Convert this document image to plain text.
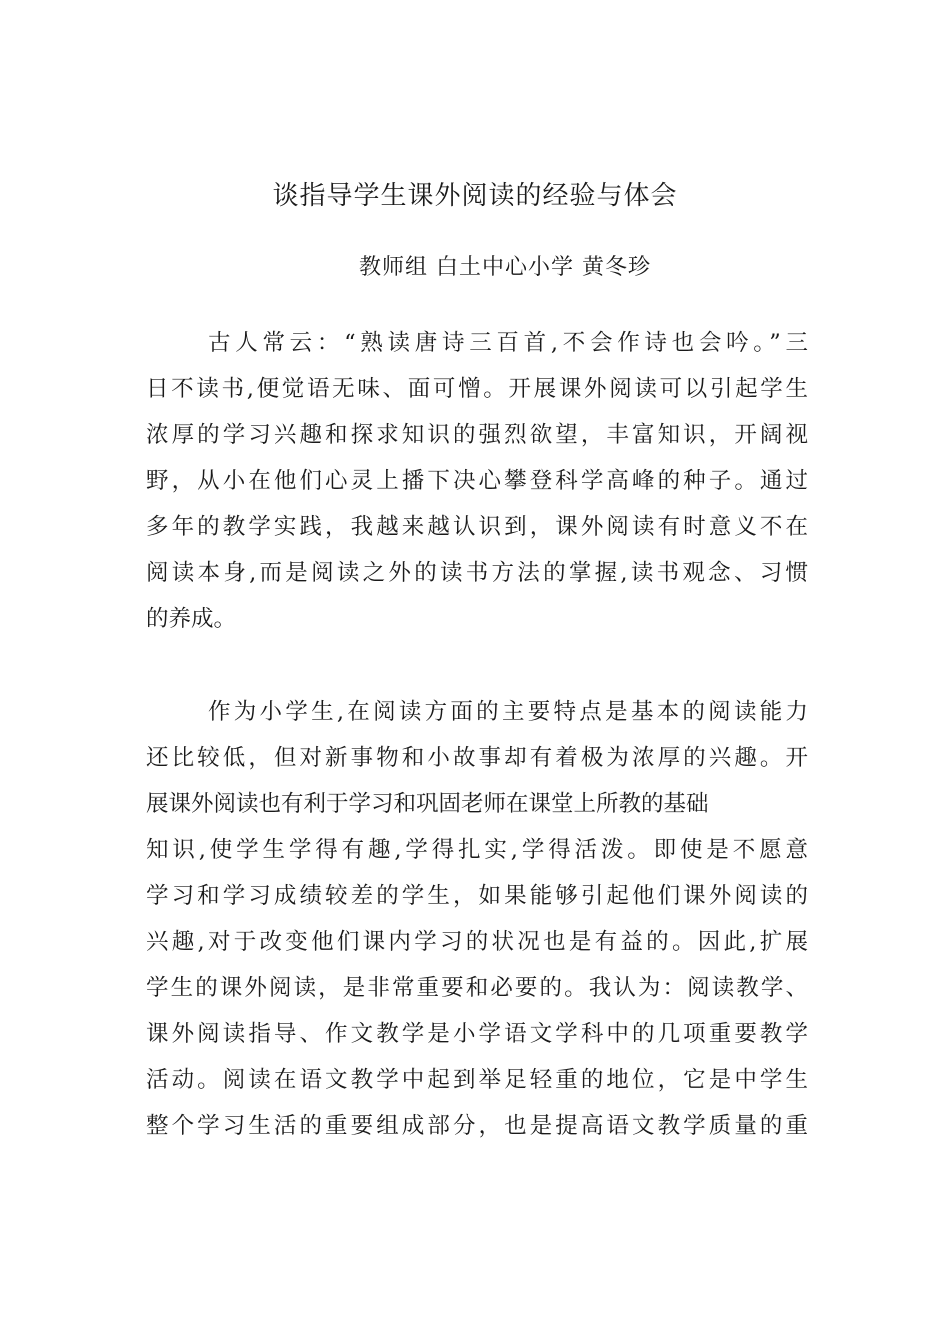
谈指导学生课外阅读的经验与体会
教师组 白土中心小学 黄冬珍
古人常云：“熟读唐诗三百首,不会作诗也会吟。”三
日不读书,便觉语无味、面可憎。开展课外阅读可以引起学生
浓厚的学习兴趣和探求知识的强烈欲望，丰富知识，开阔视
野，从小在他们心灵上播下决心攀登科学高峰的种子。通过
多年的教学实践，我越来越认识到，课外阅读有时意义不在
阅读本身,而是阅读之外的读书方法的掌握,读书观念、习惯
的养成。
作为小学生,在阅读方面的主要特点是基本的阅读能力
还比较低，但对新事物和小故事却有着极为浓厚的兴趣。开
展课外阅读也有利于学习和巩固老师在课堂上所教的基础
知识,使学生学得有趣,学得扎实,学得活泼。即使是不愿意
学习和学习成绩较差的学生，如果能够引起他们课外阅读的
兴趣,对于改变他们课内学习的状况也是有益的。因此,扩展
学生的课外阅读，是非常重要和必要的。我认为：阅读教学、
课外阅读指导、作文教学是小学语文学科中的几项重要教学
活动。阅读在语文教学中起到举足轻重的地位，它是中学生
整个学习生活的重要组成部分，也是提高语文教学质量的重
